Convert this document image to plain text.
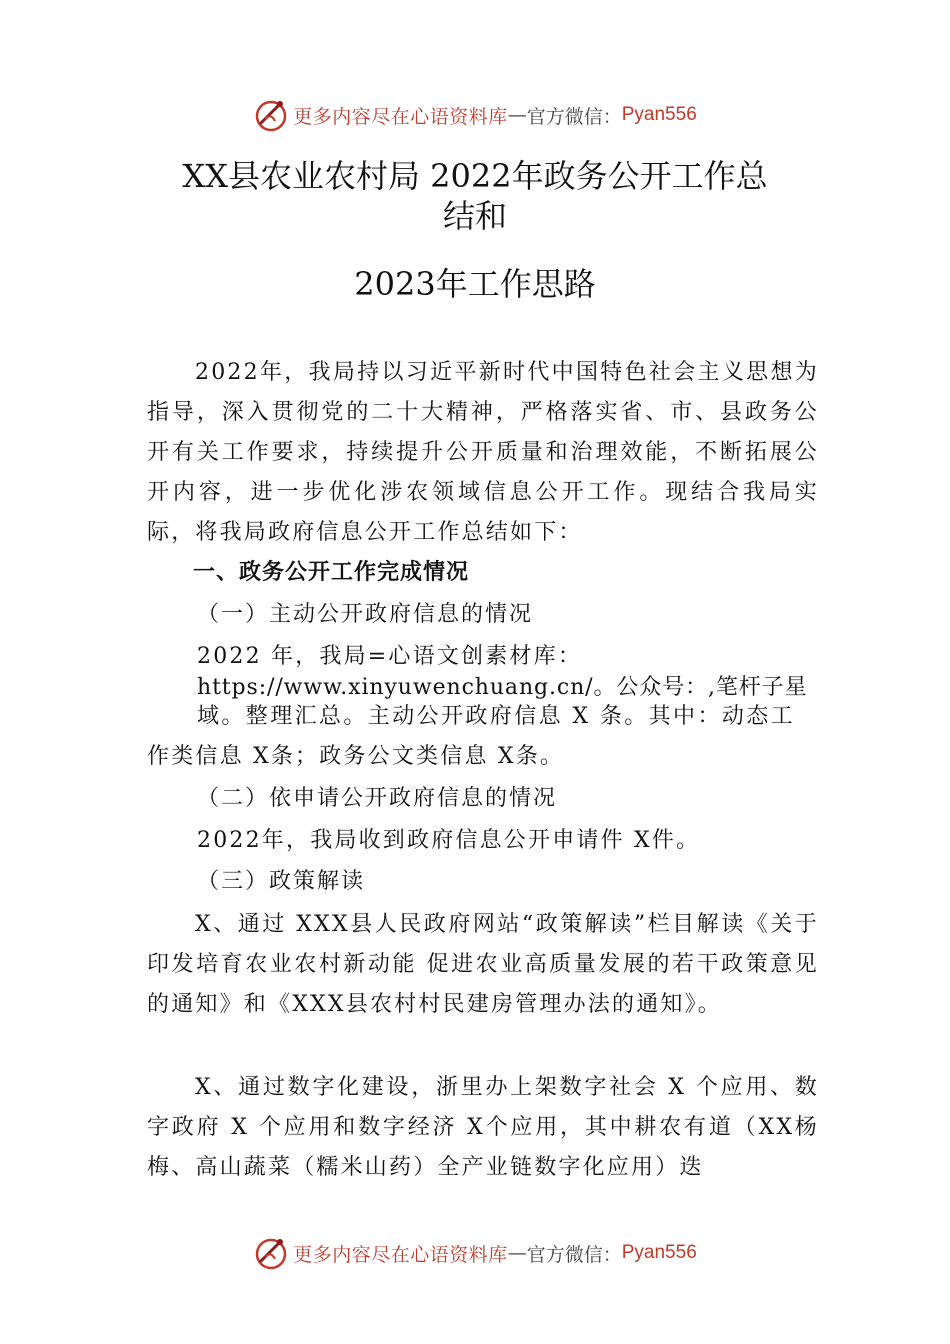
更多内容尽在心语资料库 — 官方微信： Pyan556
XX县农业农村局 2022年政务公开工作总
结和
2023年工作思路
2022年，我局持以习近平新时代中国特色社会主义思想为指导，深入贯彻党的二十大精神，严格落实省、市、县政务公开有关工作要求，持续提升公开质量和治理效能，不断拓展公开内容，进一步优化涉农领域信息公开工作。现结合我局实际，将我局政府信息公开工作总结如下：
一、政务公开工作完成情况
（一）主动公开政府信息的情况
2022 年，我局=心语文创素材库：
https://www.xinyuwenchuang.cn/。公众号：,笔杆子星
域。整理汇总。主动公开政府信息 X 条。其中：动态工
作类信息 X条；政务公文类信息 X条。
（二）依申请公开政府信息的情况
2022年，我局收到政府信息公开申请件 X件。
（三）政策解读
X、通过 XXX县人民政府网站“政策解读”栏目解读《关于印发培育农业农村新动能 促进农业高质量发展的若干政策意见的通知》和《XXX县农村村民建房管理办法的通知》。
X、通过数字化建设，浙里办上架数字社会 X 个应用、数字政府 X 个应用和数字经济 X个应用，其中耕农有道（XX杨梅、高山蔬菜（糯米山药）全产业链数字化应用）迭
更多内容尽在心语资料库 — 官方微信： Pyan556
